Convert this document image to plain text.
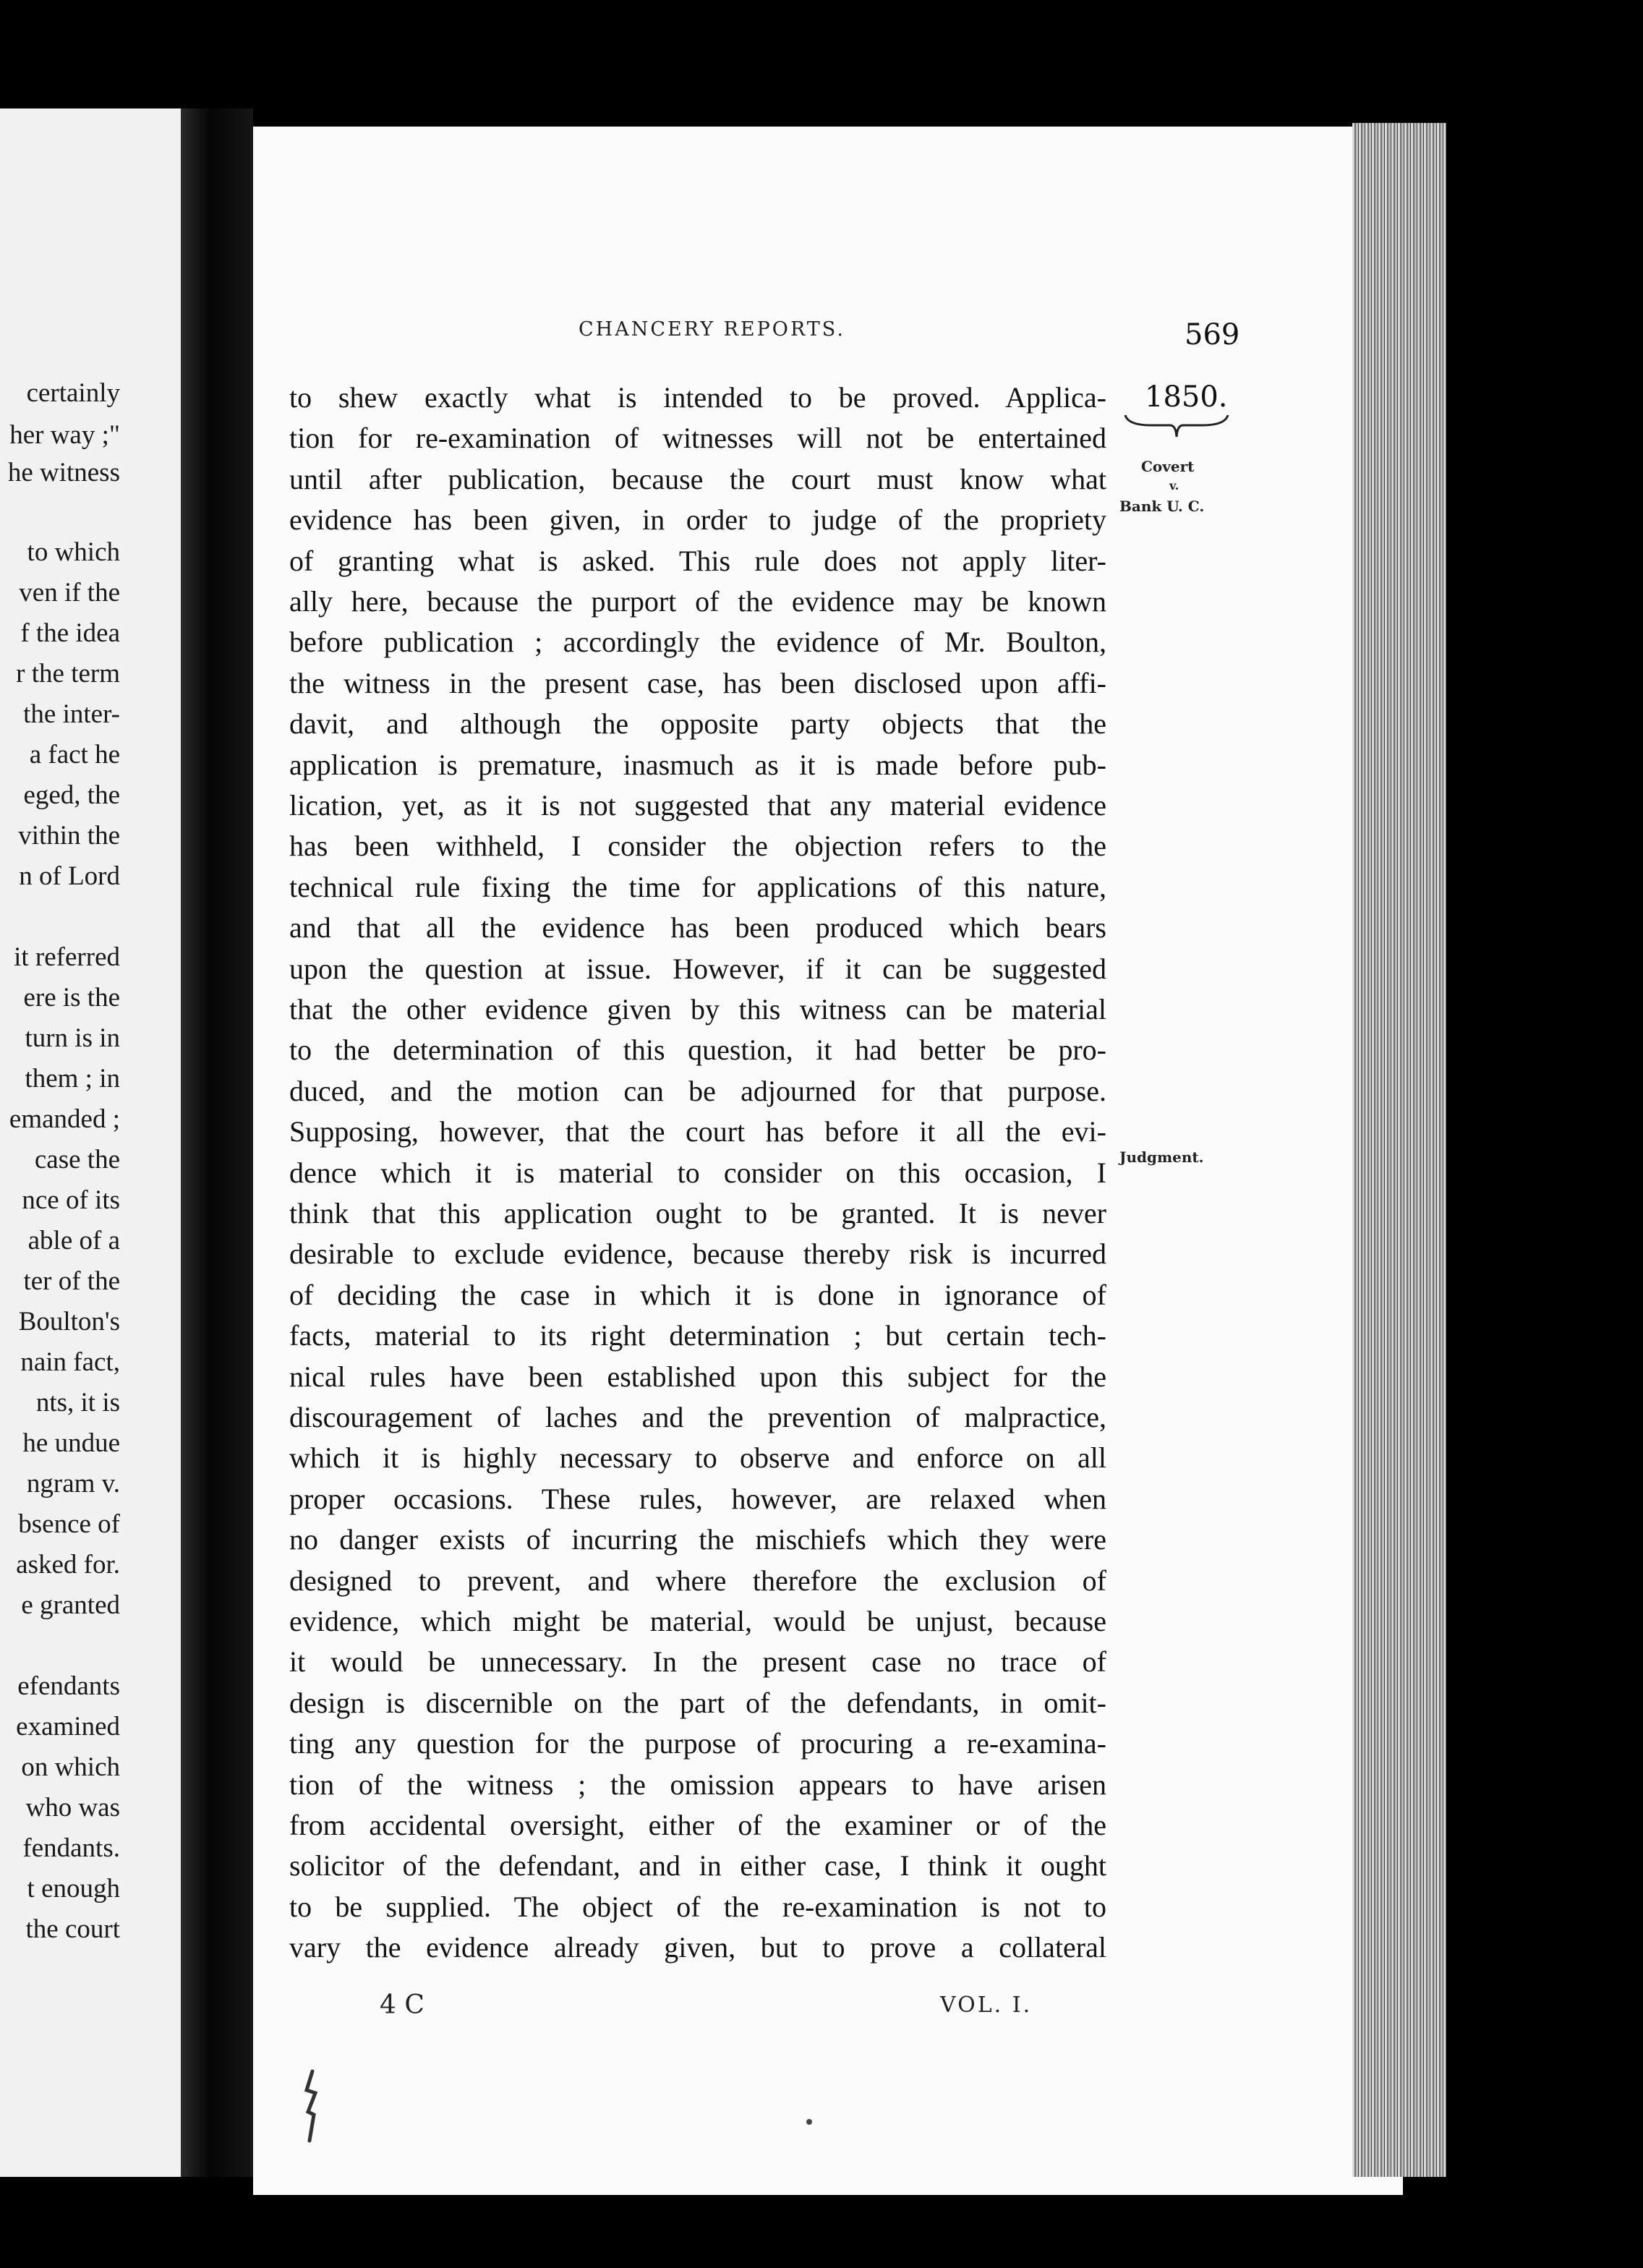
certainly
her way ;"
he witness
to which
ven if the
f the idea
r the term
the inter-
a fact he
eged, the
vithin the
n of Lord
it referred
ere is the
turn is in
them ; in
emanded ;
case the
nce of its
able of a
ter of the
Boulton's
nain fact,
nts, it is
he undue
ngram v.
bsence of
asked for.
e granted
efendants
examined
on which
who was
fendants.
t enough
the court
CHANCERY REPORTS.	569
1850.
Covert
v.
Bank U. C.
Judgment.
to shew exactly what is intended to be proved. Applica-
tion for re-examination of witnesses will not be entertained
until after publication, because the court must know what
evidence has been given, in order to judge of the propriety
of granting what is asked. This rule does not apply liter-
ally here, because the purport of the evidence may be known
before publication ; accordingly the evidence of Mr. Boulton,
the witness in the present case, has been disclosed upon affi-
davit, and although the opposite party objects that the
application is premature, inasmuch as it is made before pub-
lication, yet, as it is not suggested that any material evidence
has been withheld, I consider the objection refers to the
technical rule fixing the time for applications of this nature,
and that all the evidence has been produced which bears
upon the question at issue. However, if it can be suggested
that the other evidence given by this witness can be material
to the determination of this question, it had better be pro-
duced, and the motion can be adjourned for that purpose.
Supposing, however, that the court has before it all the evi-
dence which it is material to consider on this occasion, I
think that this application ought to be granted. It is never
desirable to exclude evidence, because thereby risk is incurred
of deciding the case in which it is done in ignorance of
facts, material to its right determination ; but certain tech-
nical rules have been established upon this subject for the
discouragement of laches and the prevention of malpractice,
which it is highly necessary to observe and enforce on all
proper occasions. These rules, however, are relaxed when
no danger exists of incurring the mischiefs which they were
designed to prevent, and where therefore the exclusion of
evidence, which might be material, would be unjust, because
it would be unnecessary. In the present case no trace of
design is discernible on the part of the defendants, in omit-
ting any question for the purpose of procuring a re-examina-
tion of the witness ; the omission appears to have arisen
from accidental oversight, either of the examiner or of the
solicitor of the defendant, and in either case, I think it ought
to be supplied. The object of the re-examination is not to
vary the evidence already given, but to prove a collateral
4 C	VOL. I.
